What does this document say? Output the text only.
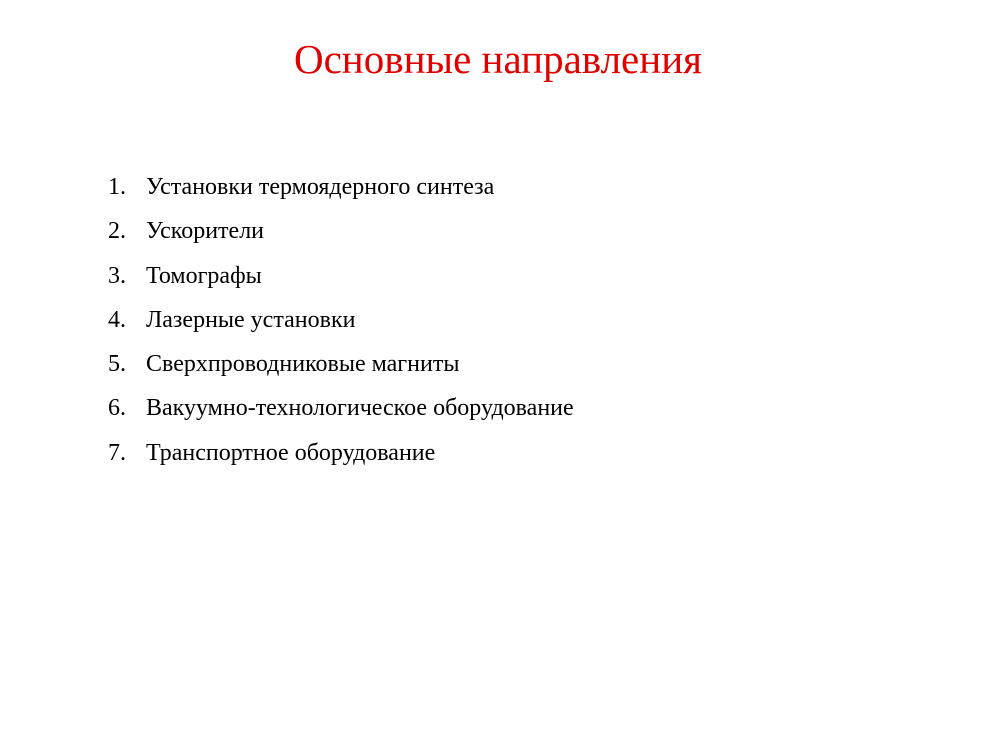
Основные направления
1. Установки термоядерного синтеза
2. Ускорители
3. Томографы
4. Лазерные установки
5. Сверхпроводниковые магниты
6. Вакуумно-технологическое оборудование
7. Транспортное оборудование
